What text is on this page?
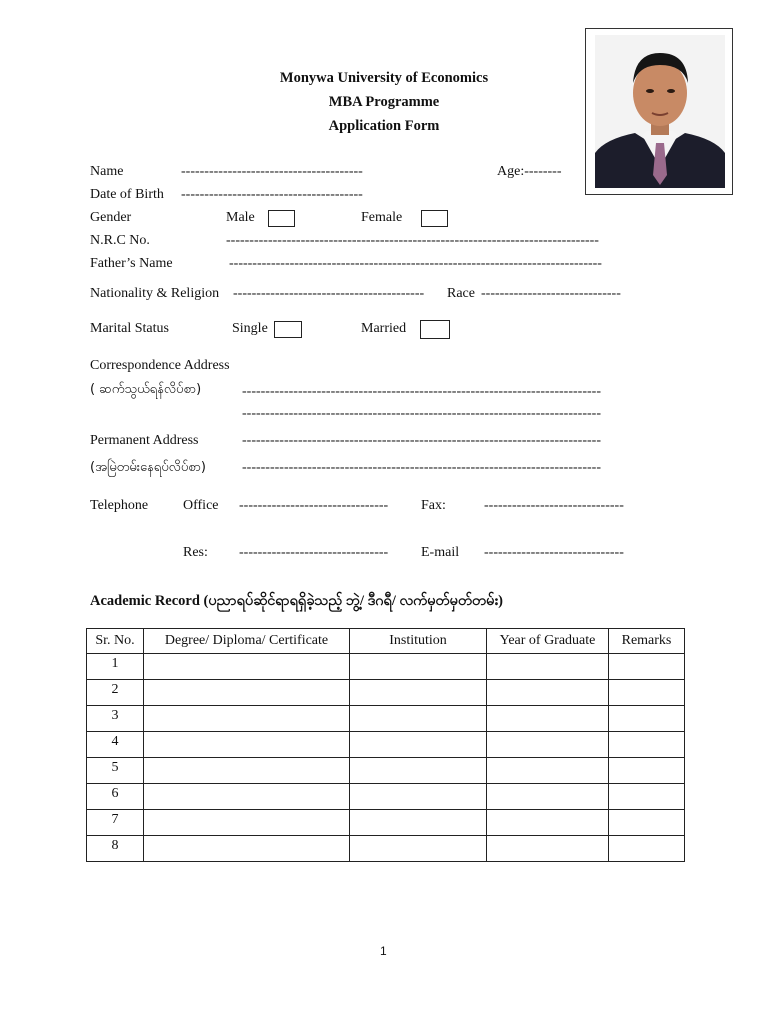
Monywa University of Economics
MBA Programme
Application Form
Name	---------------------------------------	Age:--------
Date of Birth ---------------------------------------
Gender	Male	Female
N.R.C No.	--------------------------------------------------------------------------------
Father’s Name	--------------------------------------------------------------------------------
Nationality & Religion ----------------------------------------- Race ------------------------------
Marital Status	Single	Married
Correspondence Address
( ဆက်သွယ်ရန်လိပ်စာ)	-----------------------------------------------------------------------------
-----------------------------------------------------------------------------
Permanent Address	-----------------------------------------------------------------------------
(အမြဲတမ်းနေရပ်လိပ်စာ)	-----------------------------------------------------------------------------
Telephone Office -------------------------------- Fax:	------------------------------
Res: -------------------------------- E-mail ------------------------------
Academic Record (ပညာရပ်ဆိုင်ရာရရှိခဲ့သည့် ဘွဲ့/ ဒီဂရီ/ လက်မှတ်မှတ်တမ်း)
Sr. No.	Degree/ Diploma/ Certificate	Institution	Year of Graduate	Remarks
1				
2				
3				
4				
5				
6				
7				
8				
1
